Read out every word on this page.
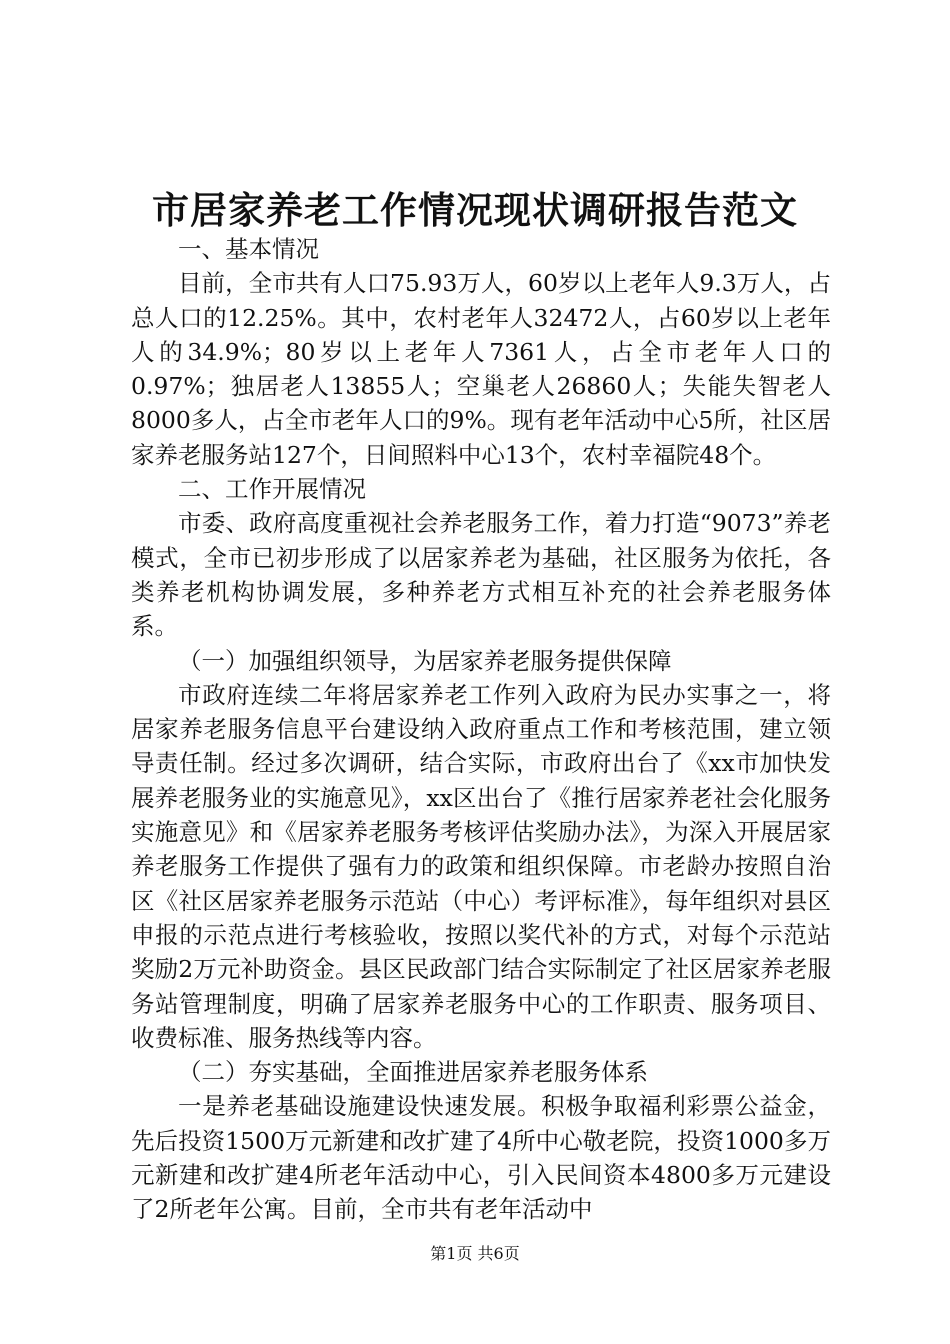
市居家养老工作情况现状调研报告范文

一、基本情况

目前，全市共有人口75.93万人，60岁以上老年人9.3万人，占总人口的12.25%。其中，农村老年人32472人，占60岁以上老年人的34.9%；80岁以上老年人7361人，占全市老年人口的0.97%；独居老人13855人；空巢老人26860人；失能失智老人8000多人，占全市老年人口的9%。现有老年活动中心5所，社区居家养老服务站127个，日间照料中心13个，农村幸福院48个。

二、工作开展情况

市委、政府高度重视社会养老服务工作，着力打造“9073”养老模式，全市已初步形成了以居家养老为基础，社区服务为依托，各类养老机构协调发展，多种养老方式相互补充的社会养老服务体系。

（一）加强组织领导，为居家养老服务提供保障

市政府连续二年将居家养老工作列入政府为民办实事之一，将居家养老服务信息平台建设纳入政府重点工作和考核范围，建立领导责任制。经过多次调研，结合实际，市政府出台了《xx市加快发展养老服务业的实施意见》，xx区出台了《推行居家养老社会化服务实施意见》和《居家养老服务考核评估奖励办法》，为深入开展居家养老服务工作提供了强有力的政策和组织保障。市老龄办按照自治区《社区居家养老服务示范站（中心）考评标准》，每年组织对县区申报的示范点进行考核验收，按照以奖代补的方式，对每个示范站奖励2万元补助资金。县区民政部门结合实际制定了社区居家养老服务站管理制度，明确了居家养老服务中心的工作职责、服务项目、收费标准、服务热线等内容。

（二）夯实基础，全面推进居家养老服务体系

一是养老基础设施建设快速发展。积极争取福利彩票公益金，先后投资1500万元新建和改扩建了4所中心敬老院，投资1000多万元新建和改扩建4所老年活动中心，引入民间资本4800多万元建设了2所老年公寓。目前，全市共有老年活动中

第1页 共6页
